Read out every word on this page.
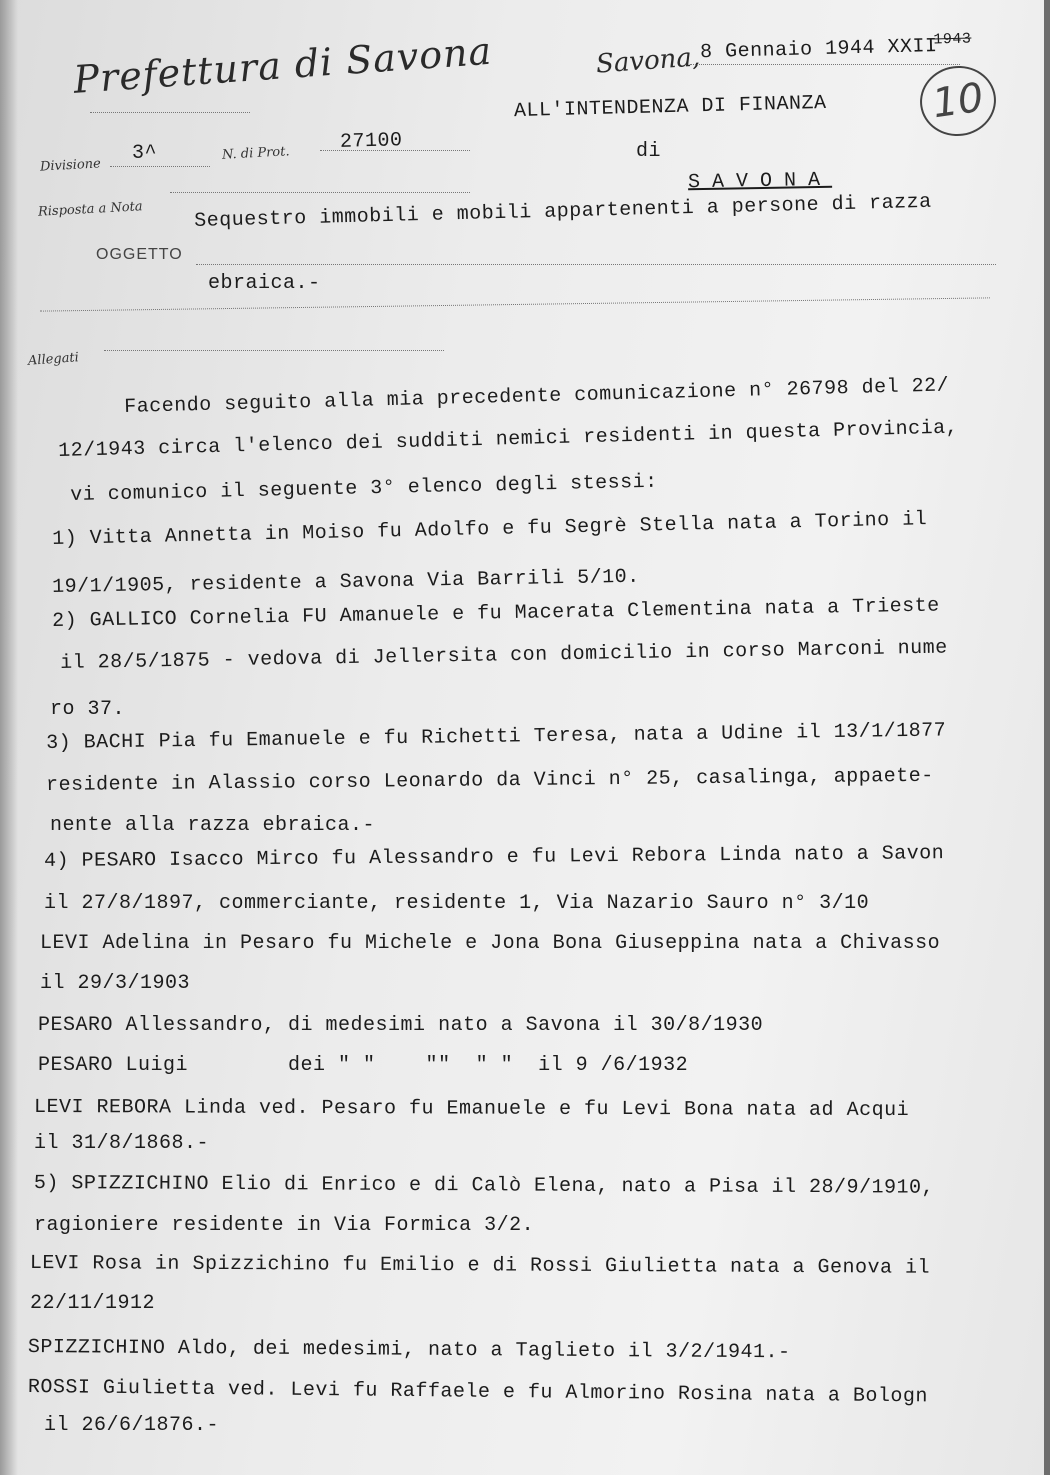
Prefettura di Savona	Savona,
8 Gennaio 1944 $XXII^{1943}$
10
Divisione
3^	N. di Prot. 27100
Risposta a Nota
ALL'INTENDENZA DI FINANZA
di
SAVONA
OGGETTO
Sequestro immobili e mobili appartenenti a persone di razza
ebraica.-
Allegati
Facendo seguito alla mia precedente comunicazione n° 26798 del 22/
12/1943 circa l'elenco dei sudditi nemici residenti in questa Provincia,
vi comunico il seguente 3° elenco degli stessi:
1) Vitta Annetta in Moiso fu Adolfo e fu Segrè Stella nata a Torino il
19/1/1905, residente a Savona Via Barrili 5/10.
2) GALLICO Cornelia FU Amanuele e fu Macerata Clementina nata a Trieste
il 28/5/1875 - vedova di Jellersita con domicilio in corso Marconi nume
ro 37.
3) BACHI Pia fu Emanuele e fu Richetti Teresa, nata a Udine il 13/1/1877
residente in Alassio corso Leonardo da Vinci n° 25, casalinga, appaete-
nente alla razza ebraica.-
4) PESARO Isacco Mirco fu Alessandro e fu Levi Rebora Linda nato a Savon
il 27/8/1897, commerciante, residente 1, Via Nazario Sauro n° 3/10
LEVI Adelina in Pesaro fu Michele e Jona Bona Giuseppina nata a Chivasso
il 29/3/1903
PESARO Allessandro, di medesimi nato a Savona il 30/8/1930
PESARO Luigi        dei " "    ""  " "  il 9 /6/1932
LEVI REBORA Linda ved. Pesaro fu Emanuele e fu Levi Bona nata ad Acqui
il 31/8/1868.-
5) SPIZZICHINO Elio di Enrico e di Calò Elena, nato a Pisa il 28/9/1910,
ragioniere residente in Via Formica 3/2.
LEVI Rosa in Spizzichino fu Emilio e di Rossi Giulietta nata a Genova il
22/11/1912
SPIZZICHINO Aldo, dei medesimi, nato a Taglieto il 3/2/1941.-
ROSSI Giulietta ved. Levi fu Raffaele e fu Almorino Rosina nata a Bologn
il 26/6/1876.-
